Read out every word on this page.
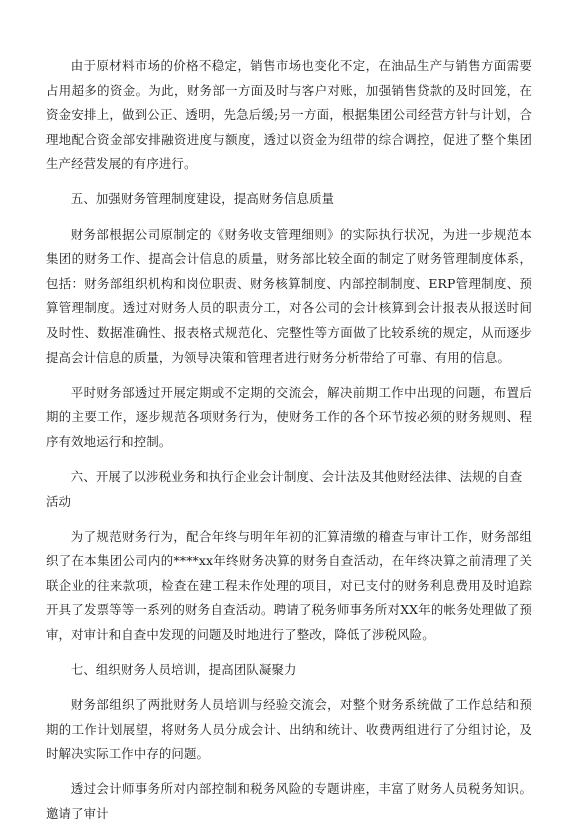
由于原材料市场的价格不稳定，销售市场也变化不定，在油品生产与销售方面需要占用超多的资金。为此，财务部一方面及时与客户对账，加强销售贷款的及时回笼，在资金安排上，做到公正、透明，先急后缓;另一方面，根据集团公司经营方针与计划，合理地配合资金部安排融资进度与额度，透过以资金为纽带的综合调控，促进了整个集团生产经营发展的有序进行。

五、加强财务管理制度建设，提高财务信息质量

财务部根据公司原制定的《财务收支管理细则》的实际执行状况，为进一步规范本集团的财务工作、提高会计信息的质量，财务部比较全面的制定了财务管理制度体系，包括：财务部组织机构和岗位职责、财务核算制度、内部控制制度、ERP管理制度、预算管理制度。透过对财务人员的职责分工，对各公司的会计核算到会计报表从报送时间及时性、数据准确性、报表格式规范化、完整性等方面做了比较系统的规定，从而逐步提高会计信息的质量，为领导决策和管理者进行财务分析带给了可靠、有用的信息。

平时财务部透过开展定期或不定期的交流会，解决前期工作中出现的问题，布置后期的主要工作，逐步规范各项财务行为，使财务工作的各个环节按必须的财务规则、程序有效地运行和控制。

六、开展了以涉税业务和执行企业会计制度、会计法及其他财经法律、法规的自查活动

为了规范财务行为，配合年终与明年年初的汇算清缴的稽查与审计工作，财务部组织了在本集团公司内的****xx年终财务决算的财务自查活动，在年终决算之前清理了关联企业的往来款项，检查在建工程未作处理的项目，对已支付的财务利息费用及时追踪开具了发票等等一系列的财务自查活动。聘请了税务师事务所对XX年的帐务处理做了预审，对审计和自查中发现的问题及时地进行了整改，降低了涉税风险。

七、组织财务人员培训，提高团队凝聚力

财务部组织了两批财务人员培训与经验交流会，对整个财务系统做了工作总结和预期的工作计划展望，将财务人员分成会计、出纳和统计、收费两组进行了分组讨论，及时解决实际工作中存的问题。

透过会计师事务所对内部控制和税务风险的专题讲座，丰富了财务人员税务知识。邀请了审计
